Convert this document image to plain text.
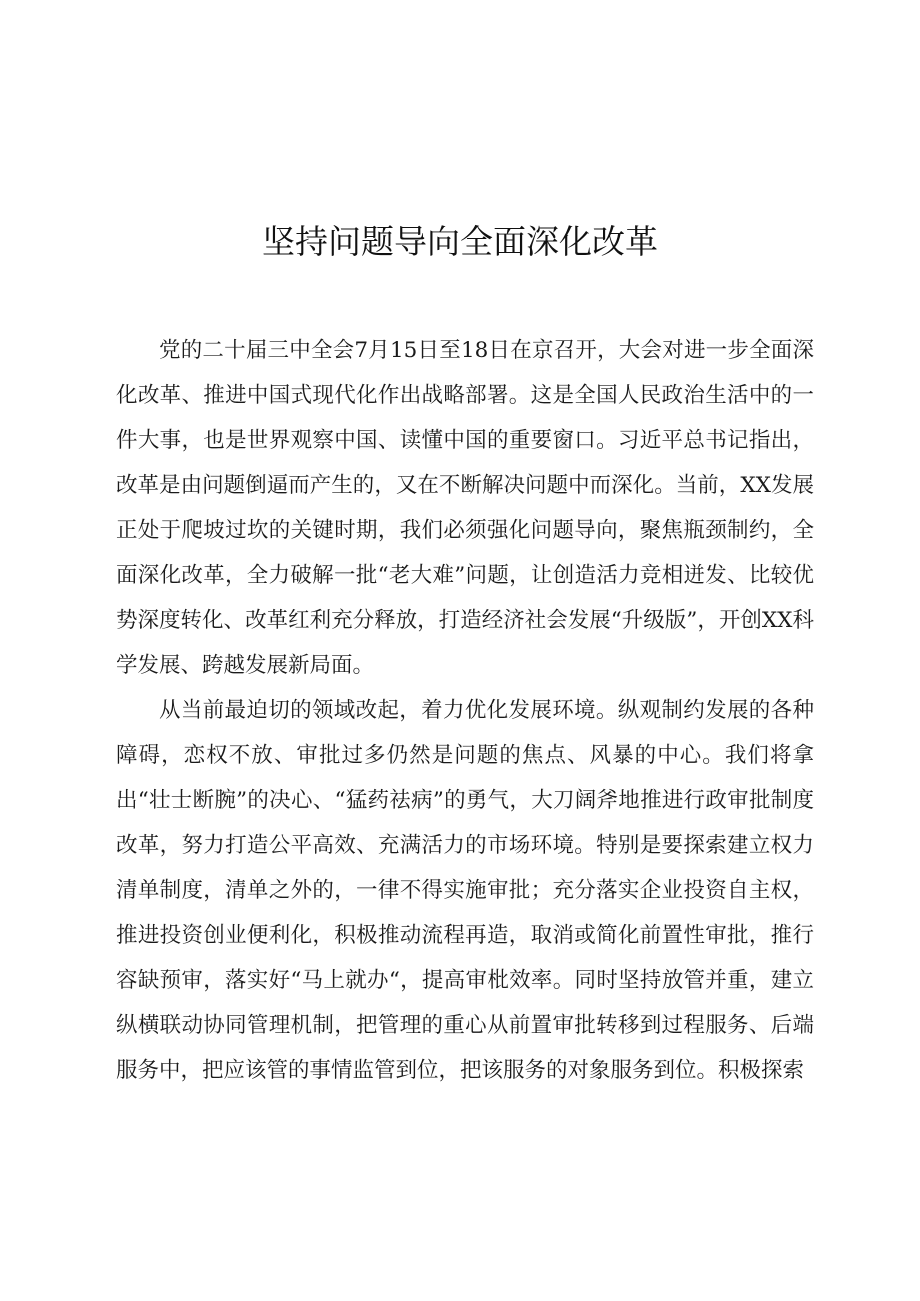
坚持问题导向全面深化改革

党的二十届三中全会7月15日至18日在京召开，大会对进一步全面深化改革、推进中国式现代化作出战略部署。这是全国人民政治生活中的一件大事，也是世界观察中国、读懂中国的重要窗口。习近平总书记指出，改革是由问题倒逼而产生的，又在不断解决问题中而深化。当前，XX发展正处于爬坡过坎的关键时期，我们必须强化问题导向，聚焦瓶颈制约，全面深化改革，全力破解一批“老大难”问题，让创造活力竞相迸发、比较优势深度转化、改革红利充分释放，打造经济社会发展“升级版”，开创XX科学发展、跨越发展新局面。

从当前最迫切的领域改起，着力优化发展环境。纵观制约发展的各种障碍，恋权不放、审批过多仍然是问题的焦点、风暴的中心。我们将拿出“壮士断腕”的决心、“猛药祛病”的勇气，大刀阔斧地推进行政审批制度改革，努力打造公平高效、充满活力的市场环境。特别是要探索建立权力清单制度，清单之外的，一律不得实施审批；充分落实企业投资自主权，推进投资创业便利化，积极推动流程再造，取消或简化前置性审批，推行容缺预审，落实好“马上就办“，提高审枇效率。同时坚持放管并重，建立纵横联动协同管理机制，把管理的重心从前置审批转移到过程服务、后端服务中，把应该管的事情监管到位，把该服务的对象服务到位。积极探索
